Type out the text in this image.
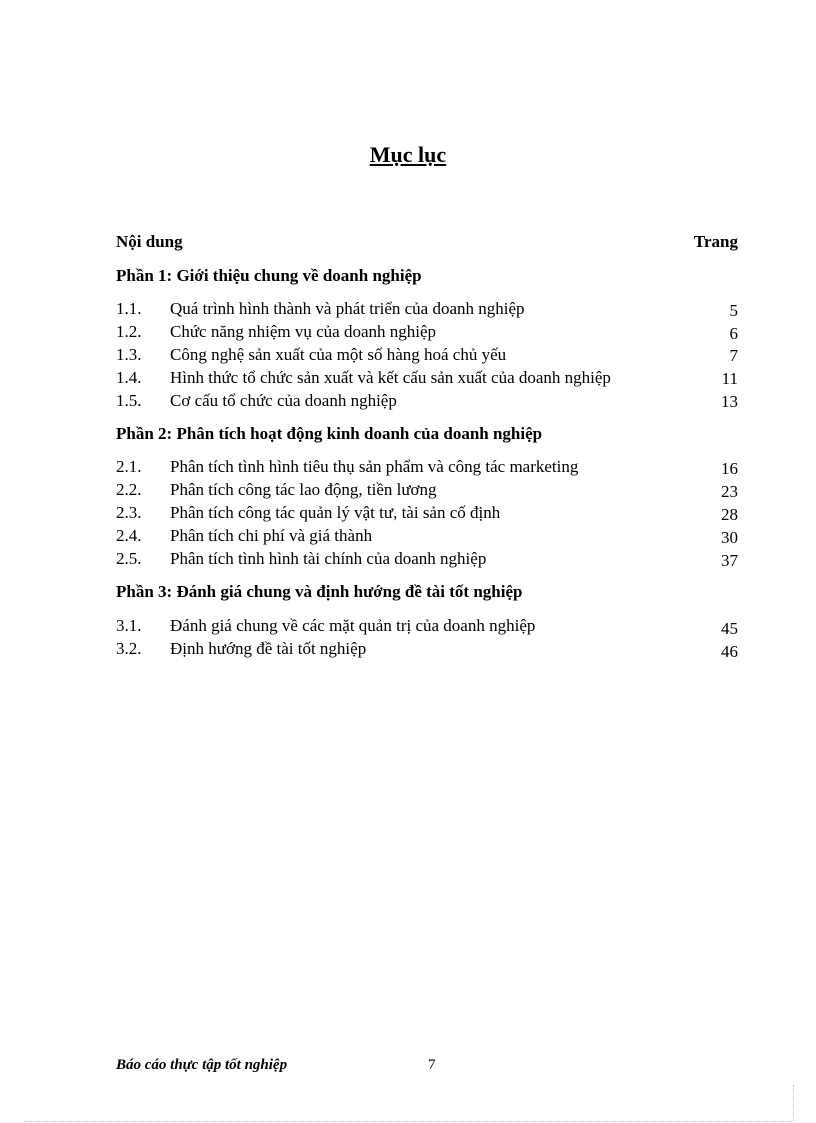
Mục lục
Nội dung	Trang
Phần 1: Giới thiệu chung về doanh nghiệp
1.1. Quá trình hình thành và phát triển của doanh nghiệp	5
1.2. Chức năng nhiệm vụ của doanh nghiệp	6
1.3. Công nghệ sản xuất của một số hàng hoá chủ yếu	7
1.4. Hình thức tổ chức sản xuất và kết cấu sản xuất của doanh nghiệp	11
1.5. Cơ cấu tổ chức của doanh nghiệp	13
Phần 2: Phân tích hoạt động kinh doanh của doanh nghiệp
2.1. Phân tích tình hình tiêu thụ sản phẩm và công tác marketing	16
2.2. Phân tích công tác lao động, tiền lương	23
2.3. Phân tích công tác quản lý vật tư, tài sản cố định	28
2.4. Phân tích chi phí và giá thành	30
2.5. Phân tích tình hình tài chính của doanh nghiệp	37
Phần 3: Đánh giá chung và định hướng đề tài tốt nghiệp
3.1. Đánh giá chung về các mặt quản trị của doanh nghiệp	45
3.2. Định hướng đề tài tốt nghiệp	46
Báo cáo thực tập tốt nghiệp	7
